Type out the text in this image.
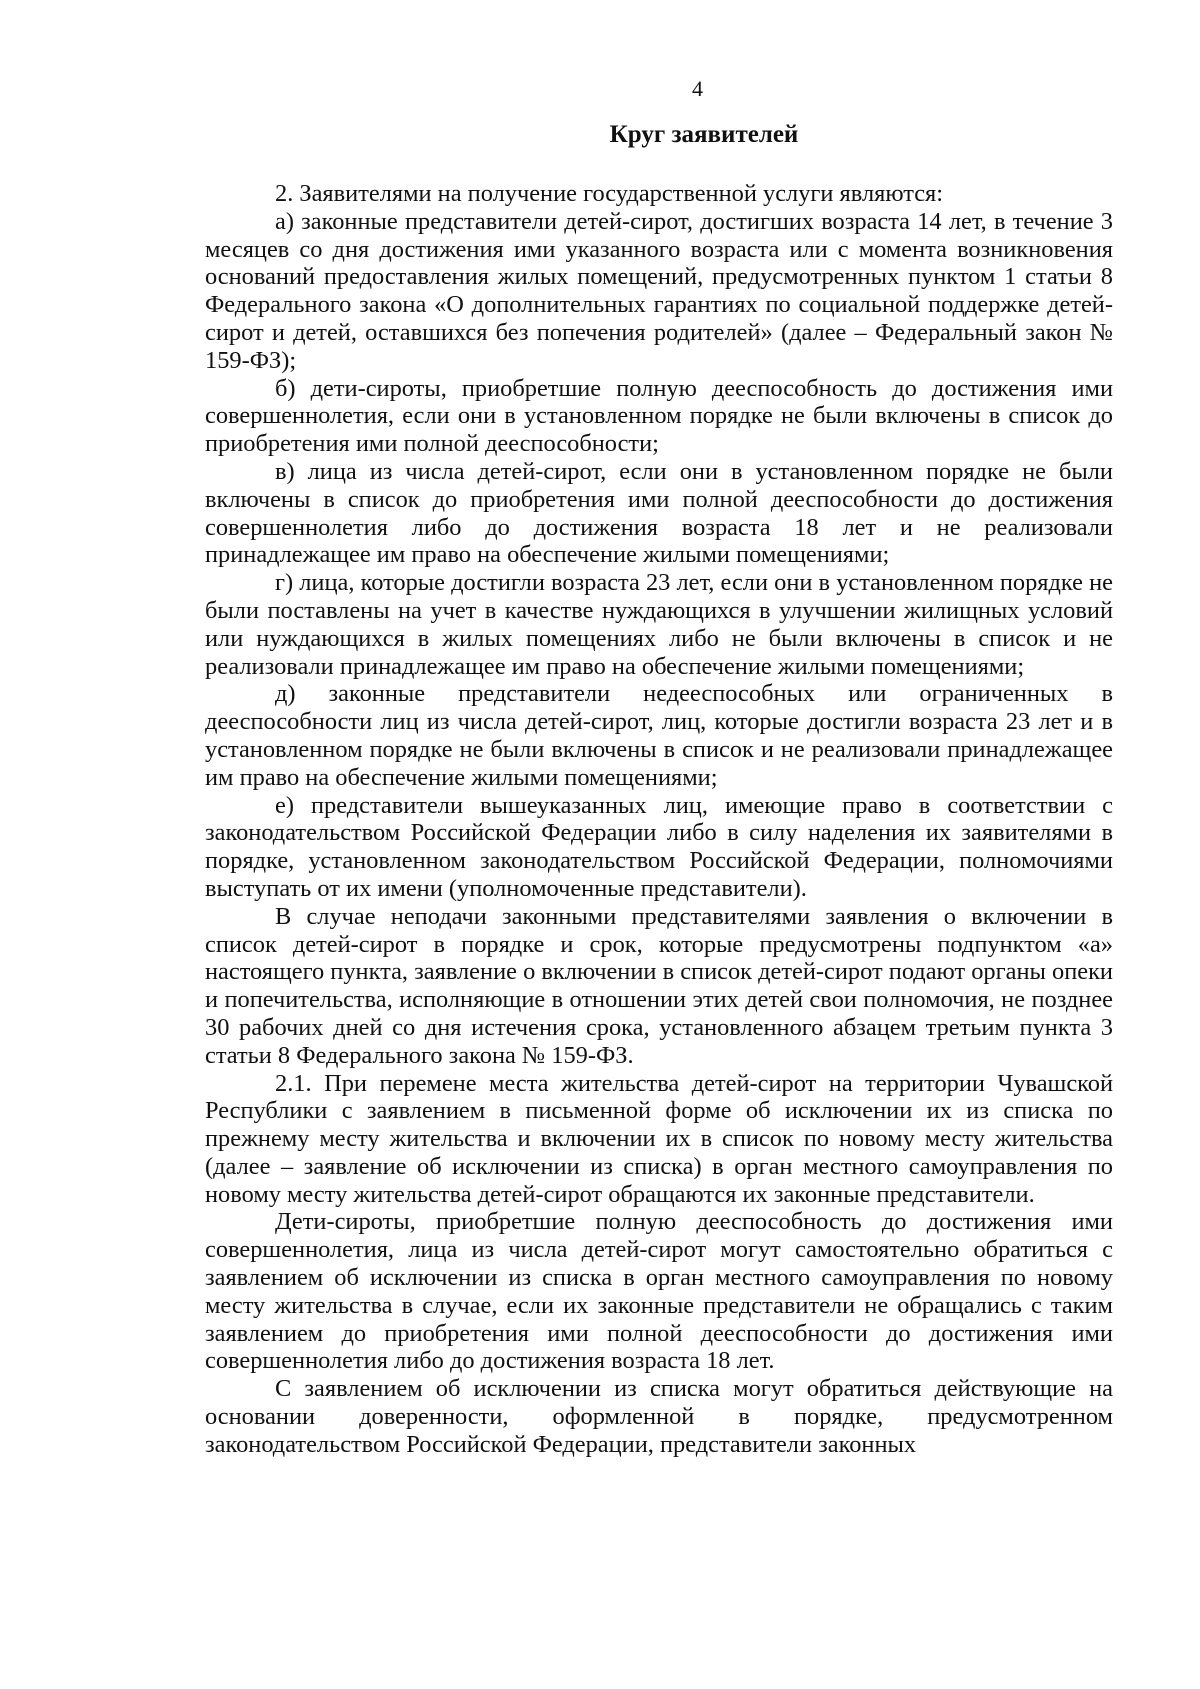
4
Круг заявителей

2. Заявителями на получение государственной услуги являются:

а) законные представители детей-сирот, достигших возраста 14 лет, в течение 3 месяцев со дня достижения ими указанного возраста или с момента возникновения оснований предоставления жилых помещений, предусмотренных пунктом 1 статьи 8 Федерального закона «О дополнительных гарантиях по социальной поддержке детей-сирот и детей, оставшихся без попечения родителей» (далее – Федеральный закон № 159-ФЗ);

б) дети-сироты, приобретшие полную дееспособность до достижения ими совершеннолетия, если они в установленном порядке не были включены в список до приобретения ими полной дееспособности;

в) лица из числа детей-сирот, если они в установленном порядке не были включены в список до приобретения ими полной дееспособности до достижения совершеннолетия либо до достижения возраста 18 лет и не реализовали принадлежащее им право на обеспечение жилыми помещениями;

г) лица, которые достигли возраста 23 лет, если они в установленном порядке не были поставлены на учет в качестве нуждающихся в улучшении жилищных условий или нуждающихся в жилых помещениях либо не были включены в список и не реализовали принадлежащее им право на обеспечение жилыми помещениями;

д) законные представители недееспособных или ограниченных в дееспособности лиц из числа детей-сирот, лиц, которые достигли возраста 23 лет и в установленном порядке не были включены в список и не реализовали принадлежащее им право на обеспечение жилыми помещениями;

е) представители вышеуказанных лиц, имеющие право в соответствии с законодательством Российской Федерации либо в силу наделения их заявителями в порядке, установленном законодательством Российской Федерации, полномочиями выступать от их имени (уполномоченные представители).

В случае неподачи законными представителями заявления о включении в список детей-сирот в порядке и срок, которые предусмотрены подпунктом «а» настоящего пункта, заявление о включении в список детей-сирот подают органы опеки и попечительства, исполняющие в отношении этих детей свои полномочия, не позднее 30 рабочих дней со дня истечения срока, установленного абзацем третьим пункта 3 статьи 8 Федерального закона № 159-ФЗ.

2.1. При перемене места жительства детей-сирот на территории Чувашской Республики с заявлением в письменной форме об исключении их из списка по прежнему месту жительства и включении их в список по новому месту жительства (далее – заявление об исключении из списка) в орган местного самоуправления по новому месту жительства детей-сирот обращаются их законные представители.

Дети-сироты, приобретшие полную дееспособность до достижения ими совершеннолетия, лица из числа детей-сирот могут самостоятельно обратиться с заявлением об исключении из списка в орган местного самоуправления по новому месту жительства в случае, если их законные представители не обращались с таким заявлением до приобретения ими полной дееспособности до достижения ими совершеннолетия либо до достижения возраста 18 лет.

С заявлением об исключении из списка могут обратиться действующие на основании доверенности, оформленной в порядке, предусмотренном законодательством Российской Федерации, представители законных
